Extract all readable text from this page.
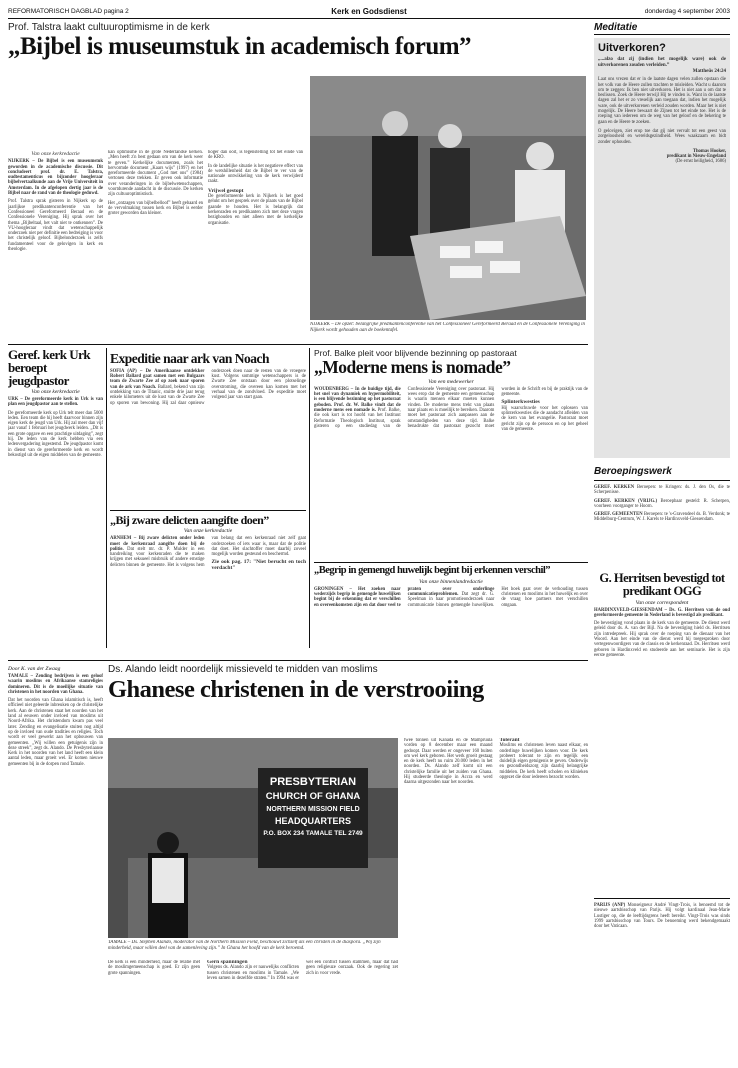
REFORMATORISCH DAGBLAD pagina 2	Kerk en Godsdienst	donderdag 4 september 2003
Prof. Talstra laakt cultuuroptimisme in de kerk
„Bijbel is museumstuk in academisch forum”
Van onze kerkredactie
NIJKERK – De Bijbel is een museumstuk geworden in de academische discussie. Dit concludeert prof. dr. E. Talstra, oudtestamenticus en bijzonder hoogleraar bijbelvertaalkunde aan de Vrije Universiteit in Amsterdam. In de afgelopen dertig jaar is de Bijbel naar de rand van de theologie geduwd.
Prof. Talstra sprak gisteren in Nijkerk op de jaarlijkse predikantenconferentie van het Confessioneel Gereformeerd Beraad en de Confessionele Vereniging. Hij sprak over het thema „Bijbeltaal, het valt niet te ontkennen”. De VU-hoogleraar vindt dat wetenschappelijk onderzoek niet per definitie een bedreiging is voor het christelijk geloof. Bijbelonderzoek is zelfs fundamenteel voor de gelovigen in kerk en theologie.
kan optimisme in de grote Nederlandse kerken. „Men heeft z'n best gedaan om van de kerk weer te geven.” Kerkelijke documenten, zoals het hervormde document „Kaars wijs” (1997) en het gereformeerde document „God met ons” (1984) vertonen deze trekken. Er geven ook informatie over veranderingen in de bijbelwetenschappen, voortdurende aandacht in de discussie. De kerken zijn cultuuroptimistisch.
Het „ontzagen van bijbelbelloof” heeft gebaard en de vervolmaking tussen kerk en Bijbel is eerder groter geworden dan kleiner.
hoger dan ooit, is tegenstelling tot het einde van de KRO.
In de landelijke situatie is het negatieve effect van de wetshillenheid dat de Bijbel te ver van de nationale ontwikkeling van de kerk verwijderd raakt.
Vrijwel gestopt
De gereformeerde kerk in Nijkerk is het goed gelukt om het gesprek over de plaats van de Bijbel gaande te houden. Het is belangrijk dat kerkenraden en predikanten zich met deze vragen bezighouden en niet alleen met de kerkelijke organisatie.
NIJKERK – De opzet: belangrijke predikantenconferentie van het Confessioneel Gereformeerd Beraad en de Confessionele Vereniging in Nijkerk wordt gehouden aan de boekentafel.
Geref. kerk Urk beroept jeugdpastor
Van onze kerkredactie
URK – De gereformeerde kerk in Urk is van plan een jeugdpastor aan te stellen.
De gereformeerde kerk op Urk telt meer dan 5000 leden. Een team die hij heeft daarvoor binnen zijn eigen kerk de jeugd van Urk. Hij zal meer dan vijf jaar vanaf 1 februari het jeugdwerk leiden. „Dit is een grote opgave en een prachtige uitdaging”, zegt hij. De leden van de kerk hebben via een ledenvergadering ingestemd. De jeugdpastor komt in dienst van de gereformeerde kerk en wordt bekostigd uit de eigen middelen van de gemeente.
Expeditie naar ark van Noach
SOFIA (AP) – De Amerikaanse ontdekker Robert Ballard gaat samen met een Bulgaars team de Zwarte Zee af op zoek naar sporen van de ark van Noach. Ballard, bekend van zijn ontdekking van de Titanic, stuitte drie jaar terug enkele kilometers uit de kust van de Zwarte Zee op sporen van bewoning. Hij zal daar opnieuw onderzoek doen naar de resten van de vroegere kust. Volgens sommige wetenschappers is de Zwarte Zee ontstaan door een plotselinge overstroming, die overeen kan komen met het verhaal van de zondvloed. De expeditie moet volgend jaar van start gaan.
„Bij zware delicten aangifte doen”
Van onze kerkredactie
ARNHEM – Bij zware delicten onder leden moet de kerkenraad aangifte doen bij de politie. Dat stelt mr. dr. P. Mulder in een handreiking voor kerkenraden die te maken krijgen met seksueel misbruik of andere ernstige delicten binnen de gemeente. Het is volgens hem van belang dat een kerkenraad niet zelf gaat onderzoeken of iets waar is, maar dat de politie dat doet. Het slachtoffer moet daarbij zoveel mogelijk worden gesteund en beschermd.
Zie ook pag. 17: "Niet berucht en toch verdacht"
Prof. Balke pleit voor blijvende bezinning op pastoraat
„Moderne mens is nomade”
Van een medewerker
WOUDENBERG – In de huidige tijd, die het snel van dynamiek en hypermobiliteit, is een blijvende bezinning op het pastoraat geboden. Prof. dr. W. Balke vindt dat de moderne mens een nomade is. Prof. Balke, die ook kort is tot hoofd van het Instituut Reformatie Theologisch Instituut, sprak gisteren op een studiedag van de Confessionele Vereniging over pastoraat. Hij wees erop dat de gemeente een gemeenschap is waarin mensen elkaar moeten kunnen vinden. De moderne mens trekt van plaats naar plaats en is moeilijk te bereiken. Daarom moet het pastoraat zich aanpassen aan de omstandigheden van deze tijd. Balke benadrukte dat pastoraat gezocht moet worden in de Schrift en bij de praktijk van de gemeente.
Splinterkwesties
Hij waarschuwde voor het oplossen van splinterkwesties die de aandacht afleiden van de kern van het evangelie. Pastoraat moet gericht zijn op de persoon en op het geheel van de gemeente.
„Begrip in gemengd huwelijk begint bij erkennen verschil”
Van onze binnenlandredactie
GRONINGEN – Het zoeken naar wederzijds begrip in gemengde huwelijken begint bij de erkenning dat er verschillen en overeenkomsten zijn en dat door veel te praten over onderlinge communicatieproblemen. Dat zegt dr. G. Speelman in haar promotieonderzoek naar communicatie binnen gemengde huwelijken. Het boek gaat over de verhouding tussen christenen en moslims in het huwelijk en over de vraag hoe partners met verschillen omgaan.
Door K. van der Zwaag
TAMALE – Zending bedrijven is een geloof waarin moslims en Afrikaanse stamreligies domineren. Dit is de moeilijke situatie van christenen in het noorden van Ghana.
Dat het noorden van Ghana islamitisch is, heeft officieel niet geleerde inbreuken op de christelijke kerk. Aan de christenen staat het noorden van het land al eeuwen onder invloed van moslims uit Noord-Afrika. Het christendom kwam pas veel later. Zending en evangelisatie stuiten nog altijd op de invloed van oude tradities en religies. Toch wordt er veel gewerkt aan het opbouwen van gemeenten. „Wij willen een getuigenis zijn in deze streek”, zegt ds. Alando. De Presbyteriaanse Kerk in het noorden van het land heeft een klein aantal leden, maar groeit wel. Er komen nieuwe gemeenten bij in de dorpen rond Tamale.
Ds. Alando leidt noordelijk missieveld te midden van moslims
Ghanese christenen in de verstrooiing
PRESBYTERIAN
CHURCH OF GHANA
NORTHERN MISSION FIELD
HEADQUARTERS
P.O. BOX 234 TAMALE TEL 2749
TAMALE – Ds. Stephen Alando, moderator van de Northern Mission Field, beschouwt zichzelf als een christen in de diaspora. „Wij zijn minderheid, maar willen deel van de samenleving zijn.” In Ghana het hoofd van de kerk beroemd.
De kerk is een minderheid, maar de relatie met de moslimgemeenschap is goed. Er zijn geen grote spanningen.
Gern spanningen
Volgens ds. Alando zijn er nauwelijks conflicten tussen christenen en moslims in Tamale. „We leven samen in dezelfde straten.” In 1994 was er wel een conflict tussen stammen, maar dat had geen religieuze oorzaak. Ook de regering zet zich in voor vrede.
twee tonnen uit Kanada en de Mampruula vorden op 8 december maar een maand gedoopt. Daar werden er ongeveer 160 buiten om wel kerk geboren. Het werk groeit gestaag en de kerk heeft nu ruim 20.000 leden in het noorden. Ds. Alando zelf komt uit een christelijke familie uit het zuiden van Ghana. Hij studeerde theologie in Accra en werd daarna uitgezonden naar het noorden.
Tolerant
Moslims en christenen leven naast elkaar, en onderlinge huwelijken komen voor. De kerk probeert tolerant te zijn en tegelijk een duidelijk eigen getuigenis te geven. Onderwijs en gezondheidszorg zijn daarbij belangrijke middelen. De kerk heeft scholen en klinieken opgezet die door iedereen bezocht worden.
Meditatie
Uitverkoren?
„...alzo dat zij (indien het mogelijk ware) ook de uitverkorenen zouden verleiden.”
Mattheüs 24:24
Laat ons vrezen dat er in de laatste dagen velen zullen opstaan die het volk van de Heere zullen trachten te misleiden. Wacht u daarom om te zeggen: Ik ben niet uitverkoren. Het is niet aan u om dat te beslissen. Zoek de Heere terwijl Hij te vinden is. Want in de laatste dagen zal het er zo vreselijk aan toegaan dat, indien het mogelijk ware, ook de uitverkorenen verleid zouden worden. Maar het is niet mogelijk. De Heere bewaart de Zijnen tot het einde toe. Het is de roeping van iedereen om de weg van het geloof en de bekering te gaan en de Heere te zoeken.
O gelovigen, ziet erop toe dat gij niet vervalt tot een geest van zorgeloosheid en wereldsgezindheid. Wees waakzaam en bidt zonder ophouden.
Thomas Hooker,
predikant in Nieuw-Engeland
(De ernst heiligheid, 1686)
Beroepingswerk
GEREF. KERKEN Beroepen: te Kringen: ds. J. den Os, die te Scherpenisse.
GEREF. KERKEN (VRIJG.) Beroepbaar gesteld: R. Scherpen, voorheen voorganger te Hoorn.
GEREF. GEMEENTEN Beroepen: te 's-Gravendeel ds. B. Verdonk; te Middelburg-Centrum, W. J. Karels te Hardinxveld-Giessendam.
G. Herritsen bevestigd tot predikant OGG
Van onze correspondent
HARDINXVELD-GIESSENDAM – Ds. G. Herritsen van de oud gereformeerde gemeente in Nederland is bevestigd als predikant.
De bevestiging vond plaats in de kerk van de gemeente. De dienst werd geleid door ds. A. van der Bijl. Na de bevestiging hield ds. Herritsen zijn intredepreek. Hij sprak over de roeping van de dienaar van het Woord. Aan het einde van de dienst werd hij toegesproken door vertegenwoordigers van de classis en de kerkenraad. Ds. Herritsen werd geboren in Hardinxveld en studeerde aan het seminarie. Het is zijn eerste gemeente.
PARIJS (ANP) Monseigneur André Vingt-Trois, is benoemd tot de nieuwe aartsbisschop van Parijs. Hij volgt kardinaal Jean-Marie Lustiger op, die de leeftijdsgrens heeft bereikt. Vingt-Trois was sinds 1999 aartsbisschop van Tours. De benoeming werd bekendgemaakt door het Vaticaan.
